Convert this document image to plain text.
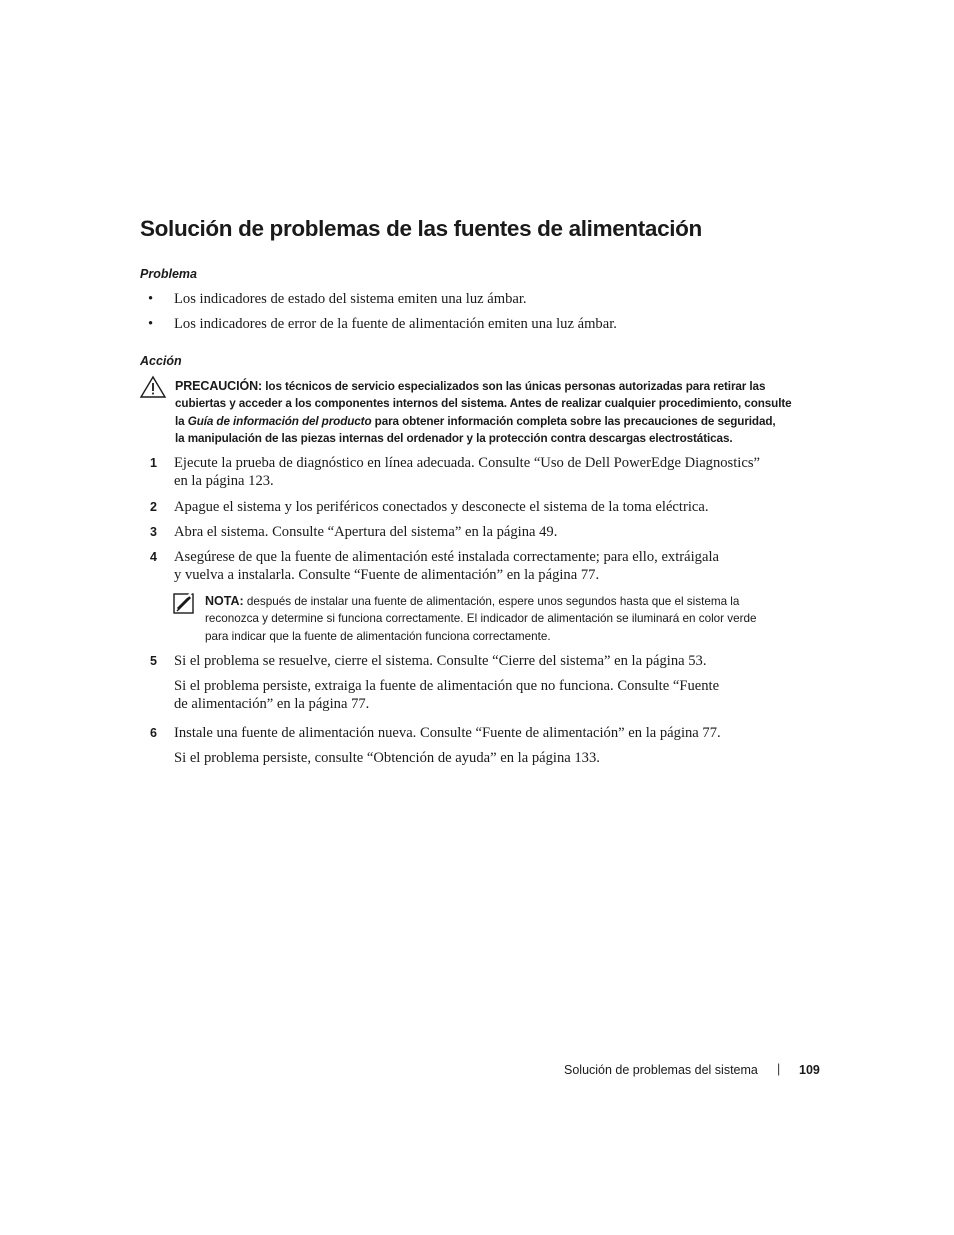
Solución de problemas de las fuentes de alimentación
Problema
• Los indicadores de estado del sistema emiten una luz ámbar.
• Los indicadores de error de la fuente de alimentación emiten una luz ámbar.
Acción
PRECAUCIÓN: los técnicos de servicio especializados son las únicas personas autorizadas para retirar las
cubiertas y acceder a los componentes internos del sistema. Antes de realizar cualquier procedimiento, consulte
la Guía de información del producto para obtener información completa sobre las precauciones de seguridad,
la manipulación de las piezas internas del ordenador y la protección contra descargas electrostáticas.
1 Ejecute la prueba de diagnóstico en línea adecuada. Consulte “Uso de Dell PowerEdge Diagnostics”
en la página 123.
2 Apague el sistema y los periféricos conectados y desconecte el sistema de la toma eléctrica.
3 Abra el sistema. Consulte “Apertura del sistema” en la página 49.
4 Asegúrese de que la fuente de alimentación esté instalada correctamente; para ello, extráigala
y vuelva a instalarla. Consulte “Fuente de alimentación” en la página 77.
NOTA: después de instalar una fuente de alimentación, espere unos segundos hasta que el sistema la
reconozca y determine si funciona correctamente. El indicador de alimentación se iluminará en color verde
para indicar que la fuente de alimentación funciona correctamente.
5 Si el problema se resuelve, cierre el sistema. Consulte “Cierre del sistema” en la página 53.
Si el problema persiste, extraiga la fuente de alimentación que no funciona. Consulte “Fuente
de alimentación” en la página 77.
6 Instale una fuente de alimentación nueva. Consulte “Fuente de alimentación” en la página 77.
Si el problema persiste, consulte “Obtención de ayuda” en la página 133.
Solución de problemas del sistema | 109
